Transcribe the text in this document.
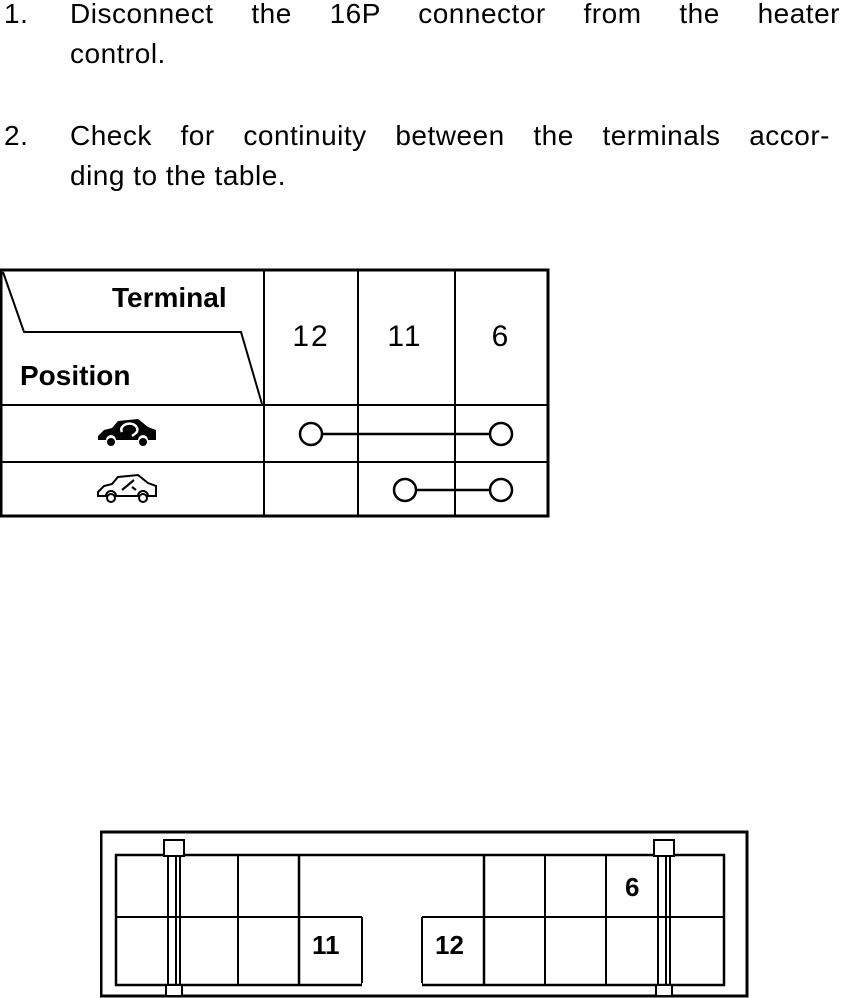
1. Disconnect the 16P connector from the heater
control.
2. Check for continuity between the terminals accor-
ding to the table.
Terminal
Position
12	11	6
6
11	12
